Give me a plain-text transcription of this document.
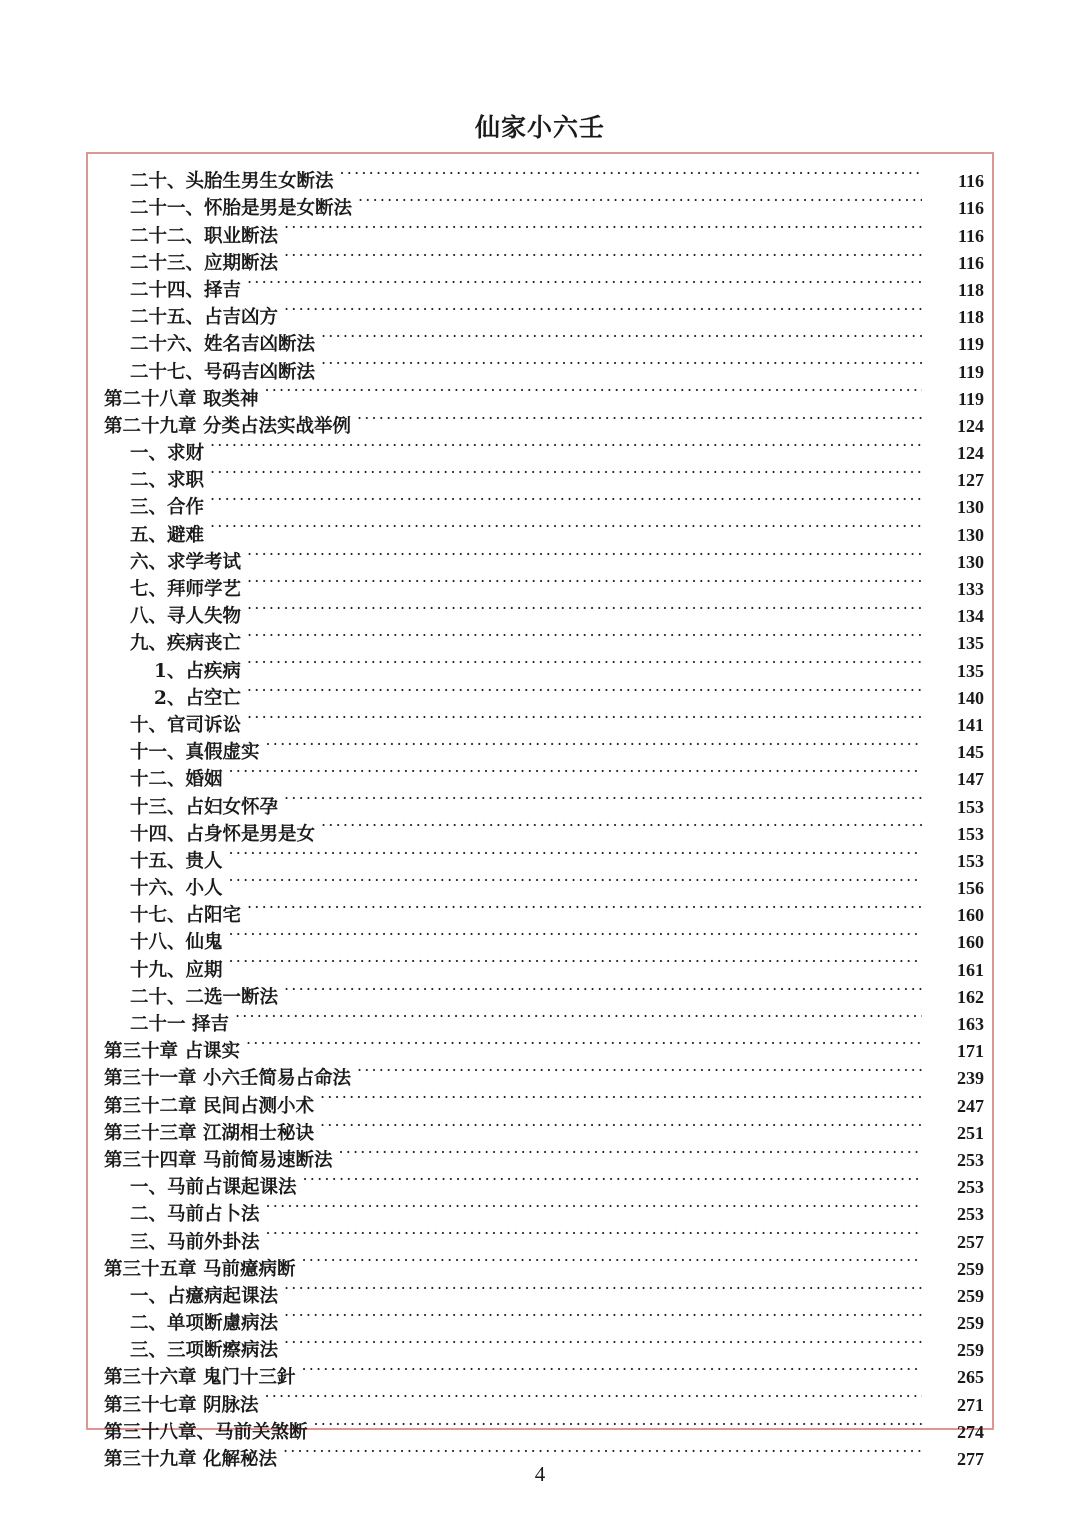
仙家小六壬
二十、头胎生男生女断法 .....	116
二十一、怀胎是男是女断法 .....	116
二十二、职业断法 .....	116
二十三、应期断法 .....	116
二十四、择吉 .....	118
二十五、占吉凶方 .....	118
二十六、姓名吉凶断法 .....	119
二十七、号码吉凶断法 .....	119
第二十八章 取类神 .....	119
第二十九章 分类占法实战举例 .....	124
一、求财 .....	124
二、求职 .....	127
三、合作 .....	130
五、避难 .....	130
六、求学考试 .....	130
七、拜师学艺 .....	133
八、寻人失物 .....	134
九、疾病丧亡 .....	135
1、占疾病 .....	135
2、占空亡 .....	140
十、官司诉讼 .....	141
十一、真假虚实 .....	145
十二、婚姻 .....	147
十三、占妇女怀孕 .....	153
十四、占身怀是男是女 .....	153
十五、贵人 .....	153
十六、小人 .....	156
十七、占阳宅 .....	160
十八、仙鬼 .....	160
十九、应期 .....	161
二十、二选一断法 .....	162
二十一 择吉 .....	163
第三十章 占课实 .....	171
第三十一章 小六壬简易占命法 .....	239
第三十二章 民间占测小术 .....	247
第三十三章 江湖相士秘诀 .....	251
第三十四章 马前简易速断法 .....	253
一、马前占课起课法 .....	253
二、马前占卜法 .....	253
三、马前外卦法 .....	257
第三十五章 马前癔病断 .....	259
一、占癔病起课法 .....	259
二、单项断慮病法 .....	259
三、三项断瘵病法 .....	259
第三十六章 鬼门十三針 .....	265
第三十七章 阴脉法 .....	271
第三十八章、马前关煞断 .....	274
第三十九章 化解秘法 .....	277
4
